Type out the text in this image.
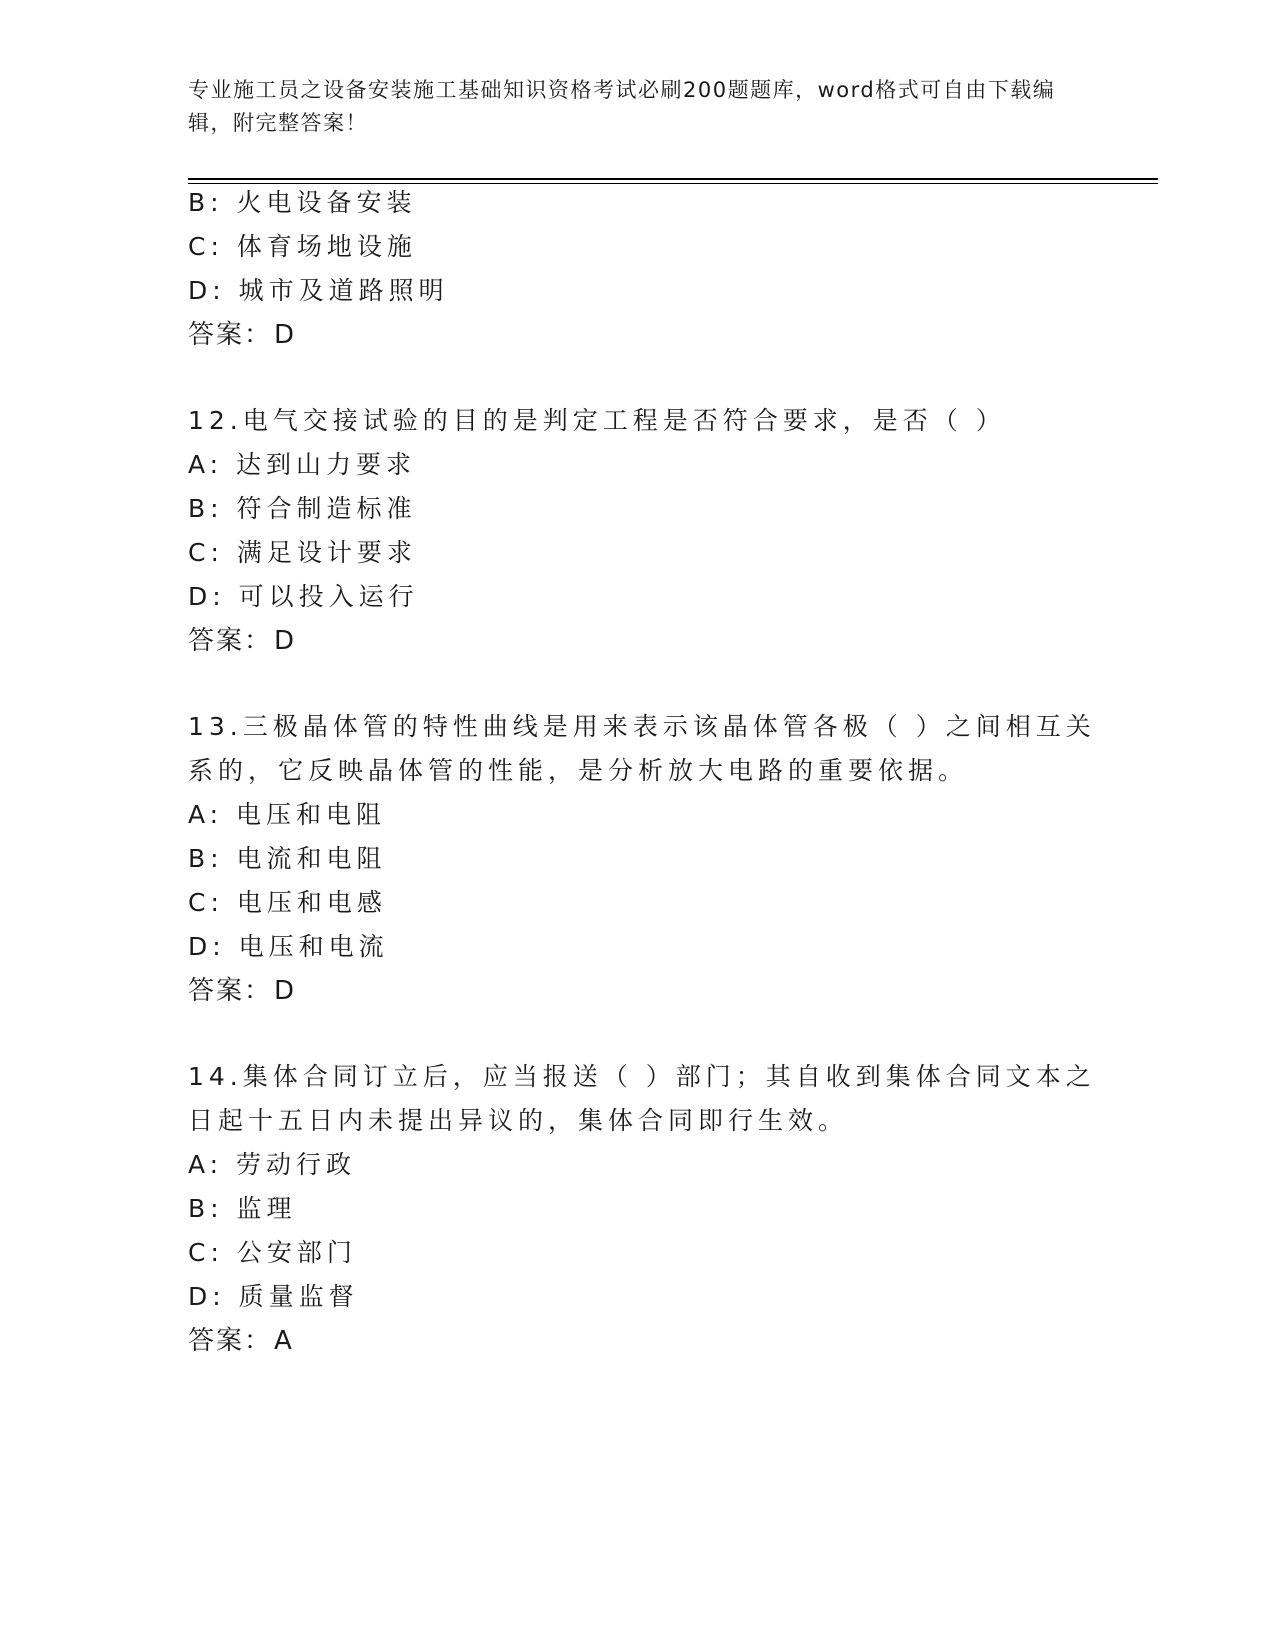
专业施工员之设备安装施工基础知识资格考试必刷200题题库，word格式可自由下载编辑，附完整答案！
B: 火电设备安装
C: 体育场地设施
D: 城市及道路照明
答案：D
12.电气交接试验的目的是判定工程是否符合要求，是否（ ）
A: 达到山力要求
B: 符合制造标准
C: 满足设计要求
D: 可以投入运行
答案：D
13.三极晶体管的特性曲线是用来表示该晶体管各极（ ）之间相互关
系的，它反映晶体管的性能，是分析放大电路的重要依据。
A: 电压和电阻
B: 电流和电阻
C: 电压和电感
D: 电压和电流
答案：D
14.集体合同订立后，应当报送（ ）部门；其自收到集体合同文本之
日起十五日内未提出异议的，集体合同即行生效。
A: 劳动行政
B: 监理
C: 公安部门
D: 质量监督
答案：A
